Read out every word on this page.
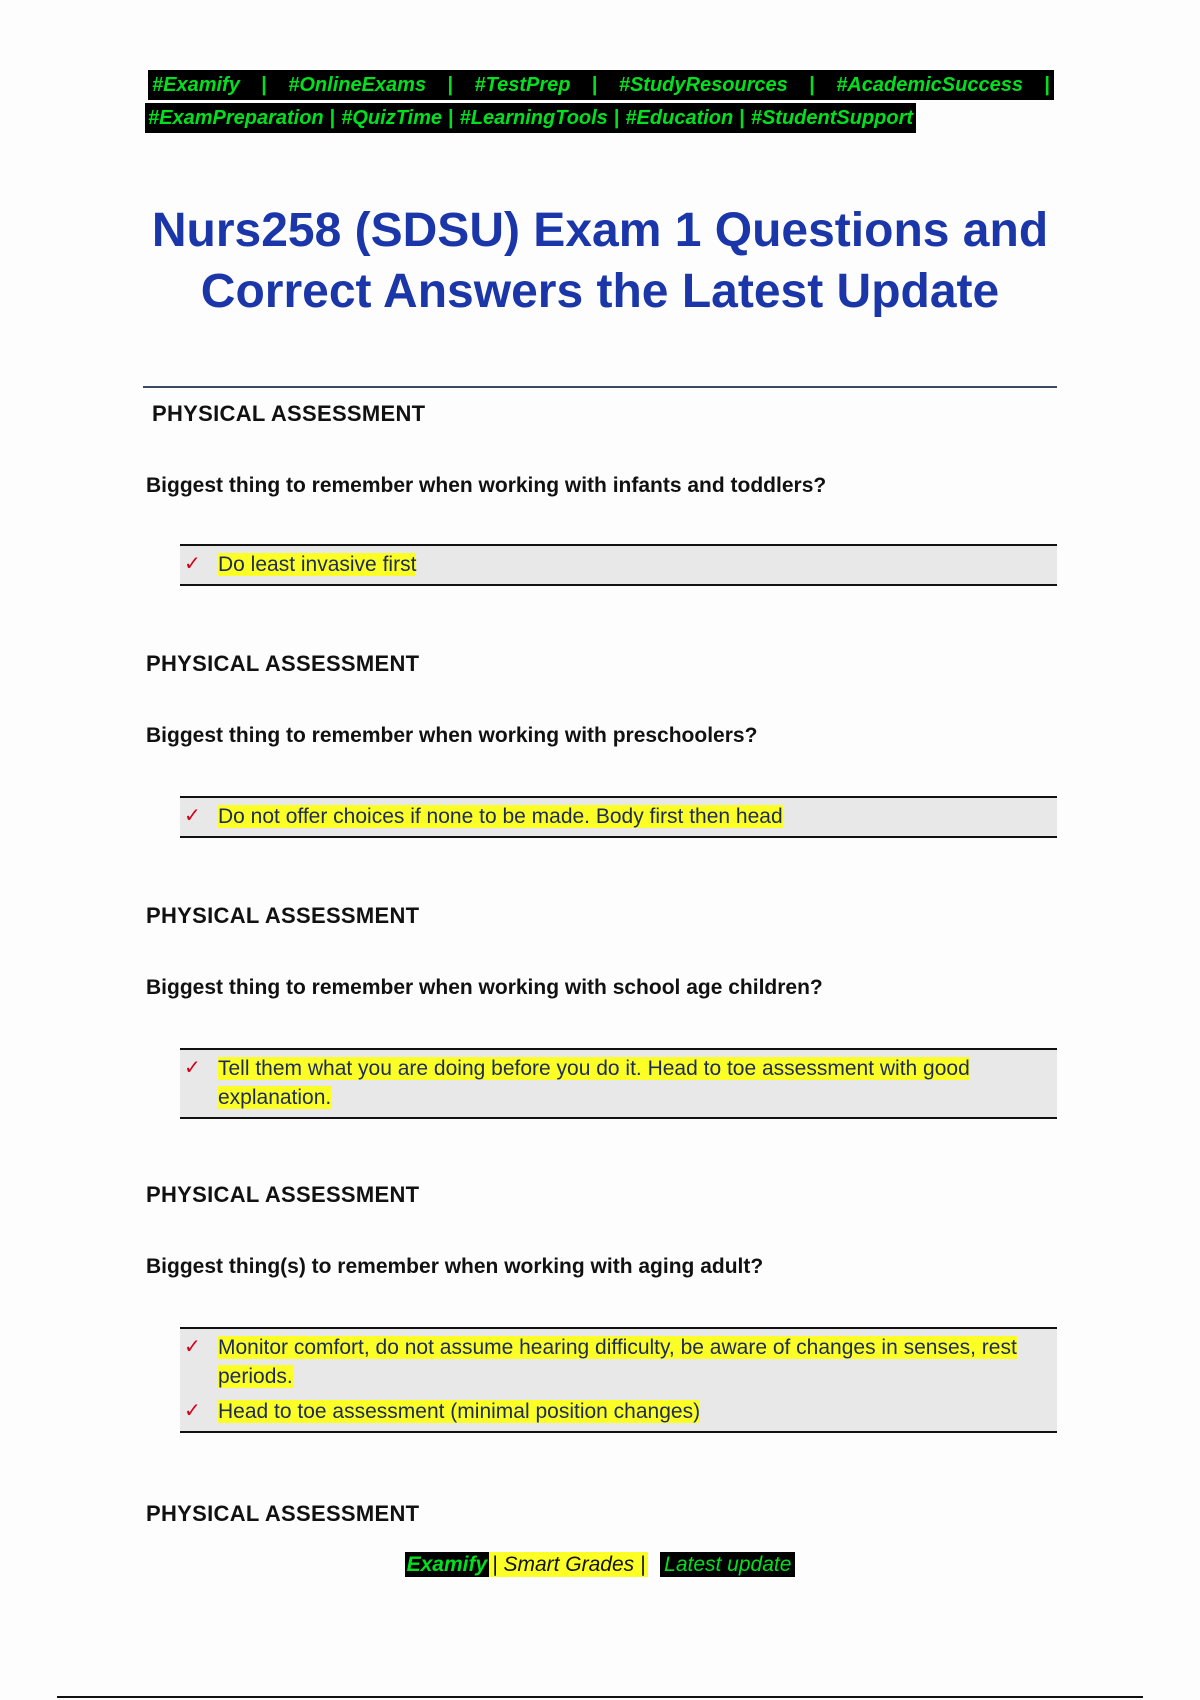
#Examify | #OnlineExams | #TestPrep | #StudyResources | #AcademicSuccess |
#ExamPreparation | #QuizTime | #LearningTools | #Education | #StudentSupport
Nurs258 (SDSU) Exam 1 Questions and Correct Answers the Latest Update
PHYSICAL ASSESSMENT
Biggest thing to remember when working with infants and toddlers?
✓ Do least invasive first
PHYSICAL ASSESSMENT
Biggest thing to remember when working with preschoolers?
✓ Do not offer choices if none to be made. Body first then head
PHYSICAL ASSESSMENT
Biggest thing to remember when working with school age children?
✓ Tell them what you are doing before you do it. Head to toe assessment with good explanation.
PHYSICAL ASSESSMENT
Biggest thing(s) to remember when working with aging adult?
✓ Monitor comfort, do not assume hearing difficulty, be aware of changes in senses, rest periods.
✓ Head to toe assessment (minimal position changes)
PHYSICAL ASSESSMENT
Examify | Smart Grades | Latest update
